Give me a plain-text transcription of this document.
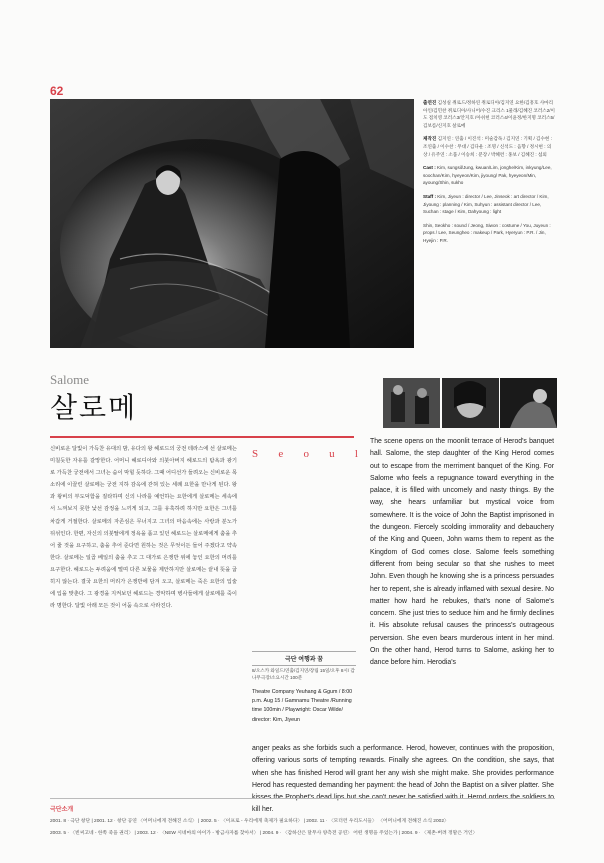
62

출연진 김성실 쥐로드/정하연 쥐로디아/김지연 요한/김흥호 사마리아인/김민찬 쥐로디아/사니어/수진 크리스 1물래/김혜진 코러스2/이도 점치영 코러스3/안지호 /아쉬헌 코러스4/이윤정/한지명 코러스5/김보름/신지호 살로메

제작진 김지연 : 연출 / 이진석 : 미술감독 / 김지연 : 기획 / 김수현 : 조연출 / 이수찬 : 무대 / 김다운 : 조명 / 신석도 : 음향 / 정시현 : 의상 / 유주연 : 소품 / 이승희 : 분장 / 박혜련 : 홍보 / 김혜진 : 섭외

Cast : Kim, sungsil/Jung, kwuan/Lim, jonghe/Kim, inkyung/Lee, soochan/Kim, hyeyeon/Kim, jiyoung/ Pak, hyeyeon/Min, ayoung/Shin, sukho

Staff : Kim, Jiyeun : director / Lee, Jinseok : art director / Kim, Jiyoung : planning / Kim, Suhyun : assistant director / Lee, Suchan : stage / Kim, Dahyoung : light

Shin, Seokho : sound / Jeong, Siwon : costume / You, Juyeun : props / Lee, Seungheo : makeup / Park, Hyeryun : P.R. / Jin, Hyejin : P.R.

Salome
살로메
신비로운 달빛이 가득찬 유대의 밤, 유다의 왕 헤로드의 궁전 테라스에 선 살로메는 미칠듯한 자유를 갈망한다. 어머니 헤로디아와 의붓아버지 헤로드의 탐욕과 광기로 가득찬 궁전에서 그녀는 숨이 막힐 듯하다. 그때 어디선가 들려오는 신비로운 목소리에 이끌린 살로메는 궁전 지하 감옥에 갇혀 있는 세례 요한을 만나게 된다. 왕과 왕비의 부도덕함을 질타하며 신의 나라를 예언하는 요한에게 살로메는 세속에서 느껴보지 못한 낯선 감정을 느끼게 되고, 그를 유혹하려 하지만 요한은 그녀를 차갑게 거절한다. 살로메의 자존심은 무너지고 그녀의 마음속에는 사랑과 분노가 뒤섞인다. 한편, 자신의 의붓딸에게 정욕을 품고 있던 헤로드는 살로메에게 춤을 추어 줄 것을 요구하고, 춤을 추어 준다면 원하는 것은 무엇이든 들어 주겠다고 약속한다. 살로메는 일곱 베일의 춤을 추고 그 대가로 은쟁반 위에 놓인 요한의 머리를 요구한다. 헤로드는 두려움에 떨며 다른 보물을 제안하지만 살로메는 끝내 뜻을 굽히지 않는다. 결국 요한의 머리가 은쟁반에 담겨 오고, 살로메는 죽은 요한의 입술에 입을 맞춘다. 그 광경을 지켜보던 헤로드는 경악하며 병사들에게 살로메를 죽이라 명한다. 달빛 아래 모든 것이 어둠 속으로 사라진다.
S e o u l
극단 여행과 꿈
8/오스카 와일드/연출/김지연/장림 15일/오후 8시/ 감나무극장/소요시간 100분
Theatre Company Yeuhang & Ggum / 8:00 p.m. Aug 15 / Gamnamu Theatre /Running time 100min / Playwright: Oscar Wilde/ director: Kim, Jiyeun
The scene opens on the moonlit terrace of Herod's banquet hall. Salome, the step daughter of the King Herod comes out to escape from the merriment banquet of the King. For Salome who feels a repugnance toward everything in the palace, it is filled with uncomely and nasty things. By the way, she hears unfamiliar but mystical voice from somewhere. It is the voice of John the Baptist imprisoned in the dungeon. Fiercely scolding immorality and debauchery of the King and Queen, John warns them to repent as the Kingdom of God comes close. Salome feels something different from being secular so that she rushes to meet John. Even though he knowing she is a princess persuades her to repent, she is already inflamed with sexual desire. No matter how hard he rebukes, that's none of Salome's concern. She just tries to seduce him and he firmly declines it. His absolute refusal causes the princess's outrageous perversion. She even bears murderous intent in her mind. On the other hand, Herod turns to Salome, asking her to dance before him. Herodia's
anger peaks as she forbids such a performance. Herod, however, continues with the proposition, offering various sorts of tempting rewards. Finally she agrees. On the condition, she says, that when she has finished Herod will grant her any wish she might make. She provides performance Herod has requested demanding her payment: the head of John the Baptist on a silver platter. She kill her.
극단소개
2001. 8 · 극단 창단 | 2001. 12 · 창단 공연 〈어머니에게 전해진 소식〉 | 2002. 5 · 〈이프로 - 우리에게 축제가 필요하다〉 | 2002. 11 · 〈모더런 우리도시들〉 〈어머니에게 전해진 소식 2002〉
2003. 5 · 〈빈씨고네 - 한쪽 죽을 권리〉 | 2003. 12 · 〈NEW 시네마의 아이가 - 방금사자를 찾아서〉 | 2004. 9 · 〈감하산은 달무사 양측전 공연〉 어떤 생명을 주었는가 | 2004. 9 · 〈제촌-버려 정말은 거인〉
